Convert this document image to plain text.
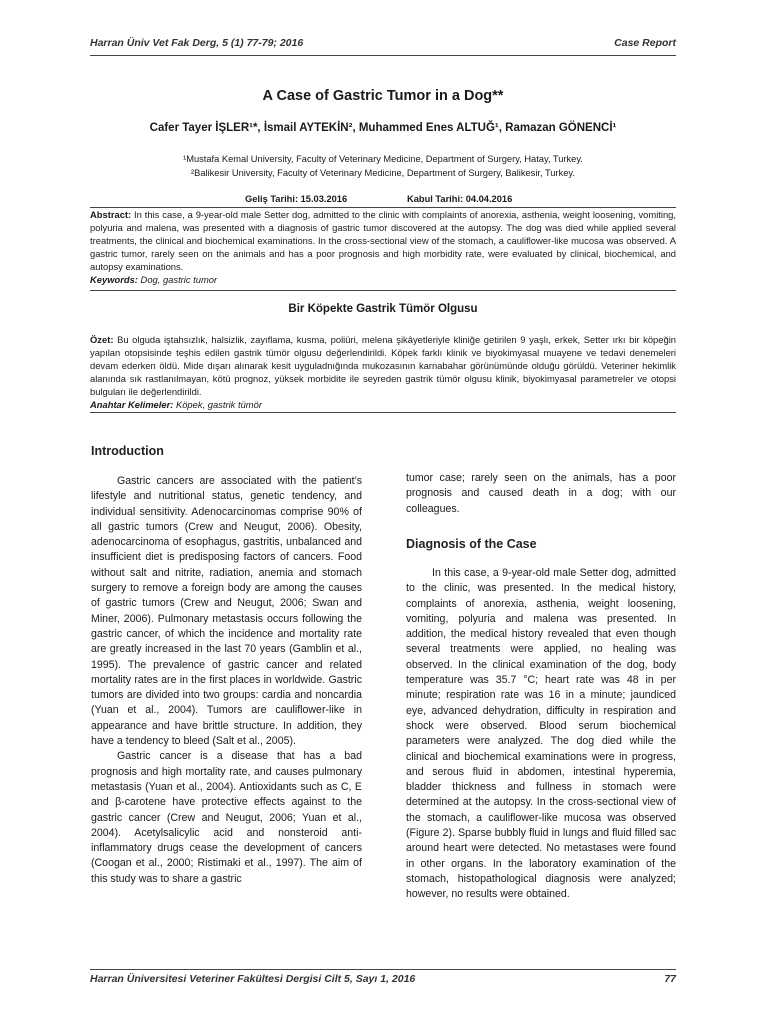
Harran Üniv Vet Fak Derg, 5 (1) 77-79; 2016	Case Report
A Case of Gastric Tumor in a Dog**
Cafer Tayer İŞLER¹*, İsmail AYTEKİN², Muhammed Enes ALTUĞ¹, Ramazan GÖNENCİ¹
¹Mustafa Kemal University, Faculty of Veterinary Medicine, Department of Surgery, Hatay, Turkey.
²Balikesir University, Faculty of Veterinary Medicine, Department of Surgery, Balikesir, Turkey.
Geliş Tarihi: 15.03.2016	Kabul Tarihi: 04.04.2016
Abstract: In this case, a 9-year-old male Setter dog, admitted to the clinic with complaints of anorexia, asthenia, weight loosening, vomiting, polyuria and malena, was presented with a diagnosis of gastric tumor discovered at the autopsy. The dog was died while applied several treatments, the clinical and biochemical examinations. In the cross-sectional view of the stomach, a cauliflower-like mucosa was observed. A gastric tumor, rarely seen on the animals and has a poor prognosis and high morbidity rate, were evaluated by clinical, biochemical, and autopsy examinations.
Keywords: Dog, gastric tumor
Bir Köpekte Gastrik Tümör Olgusu
Özet: Bu olguda iştahsızlık, halsizlik, zayıflama, kusma, poliüri, melena şikâyetleriyle kliniğe getirilen 9 yaşlı, erkek, Setter ırkı bir köpeğin yapılan otopsisinde teşhis edilen gastrik tümör olgusu değerlendirildi. Köpek farklı klinik ve biyokimyasal muayene ve tedavi denemeleri devam ederken öldü. Mide dışarı alınarak kesit uyguladnığında mukozasının karnabahar görünümünde olduğu görüldü. Veteriner hekimlik alanında sık rastlanılmayan, kötü prognoz, yüksek morbidite ile seyreden gastrik tümör olgusu klinik, biyokimyasal parametreler ve otopsi bulguları ile değerlendirildi.
Anahtar Kelimeler: Köpek, gastrik tümör
Introduction

Gastric cancers are associated with the patient’s lifestyle and nutritional status, genetic tendency, and individual sensitivity. Adenocarcinomas comprise 90% of all gastric tumors (Crew and Neugut, 2006). Obesity, adenocarcinoma of esophagus, gastritis, unbalanced and insufficient diet is predisposing factors of cancers. Food without salt and nitrite, radiation, anemia and stomach surgery to remove a foreign body are among the causes of gastric tumors (Crew and Neugut, 2006; Swan and Miner, 2006). Pulmonary metastasis occurs following the gastric cancer, of which the incidence and mortality rate are greatly increased in the last 70 years (Gamblin et al., 1995). The prevalence of gastric cancer and related mortality rates are in the first places in worldwide. Gastric tumors are divided into two groups: cardia and noncardia (Yuan et al., 2004). Tumors are cauliflower-like in appearance and have brittle structure. In addition, they have a tendency to bleed (Salt et al., 2005).

Gastric cancer is a disease that has a bad prognosis and high mortality rate, and causes pulmonary metastasis (Yuan et al., 2004). Antioxidants such as C, E and β-carotene have protective effects against to the gastric cancer (Crew and Neugut, 2006; Yuan et al., 2004). Acetylsalicylic acid and nonsteroid anti-inflammatory drugs cease the development of cancers (Coogan et al., 2000; Ristimaki et al., 1997). The aim of this study was to share a gastric

tumor case; rarely seen on the animals, has a poor prognosis and caused death in a dog; with our colleagues.

Diagnosis of the Case

In this case, a 9-year-old male Setter dog, admitted to the clinic, was presented. In the medical history, complaints of anorexia, asthenia, weight loosening, vomiting, polyuria and malena was presented. In addition, the medical history revealed that even though several treatments were applied, no healing was observed. In the clinical examination of the dog, body temperature was 35.7 °C; heart rate was 48 in per minute; respiration rate was 16 in a minute; jaundiced eye, advanced dehydration, difficulty in respiration and shock were observed. Blood serum biochemical parameters were analyzed. The dog died while the clinical and biochemical examinations were in progress, and serous fluid in abdomen, intestinal hyperemia, bladder thickness and fullness in stomach were determined at the autopsy. In the cross-sectional view of the stomach, a cauliflower-like mucosa was observed (Figure 2). Sparse bubbly fluid in lungs and fluid filled sac around heart were detected. No metastases were found in other organs. In the laboratory examination of the stomach, histopathological diagnosis were analyzed; however, no results were obtained.

Harran Üniversitesi Veteriner Fakültesi Dergisi Cilt 5, Sayı 1, 2016	77
